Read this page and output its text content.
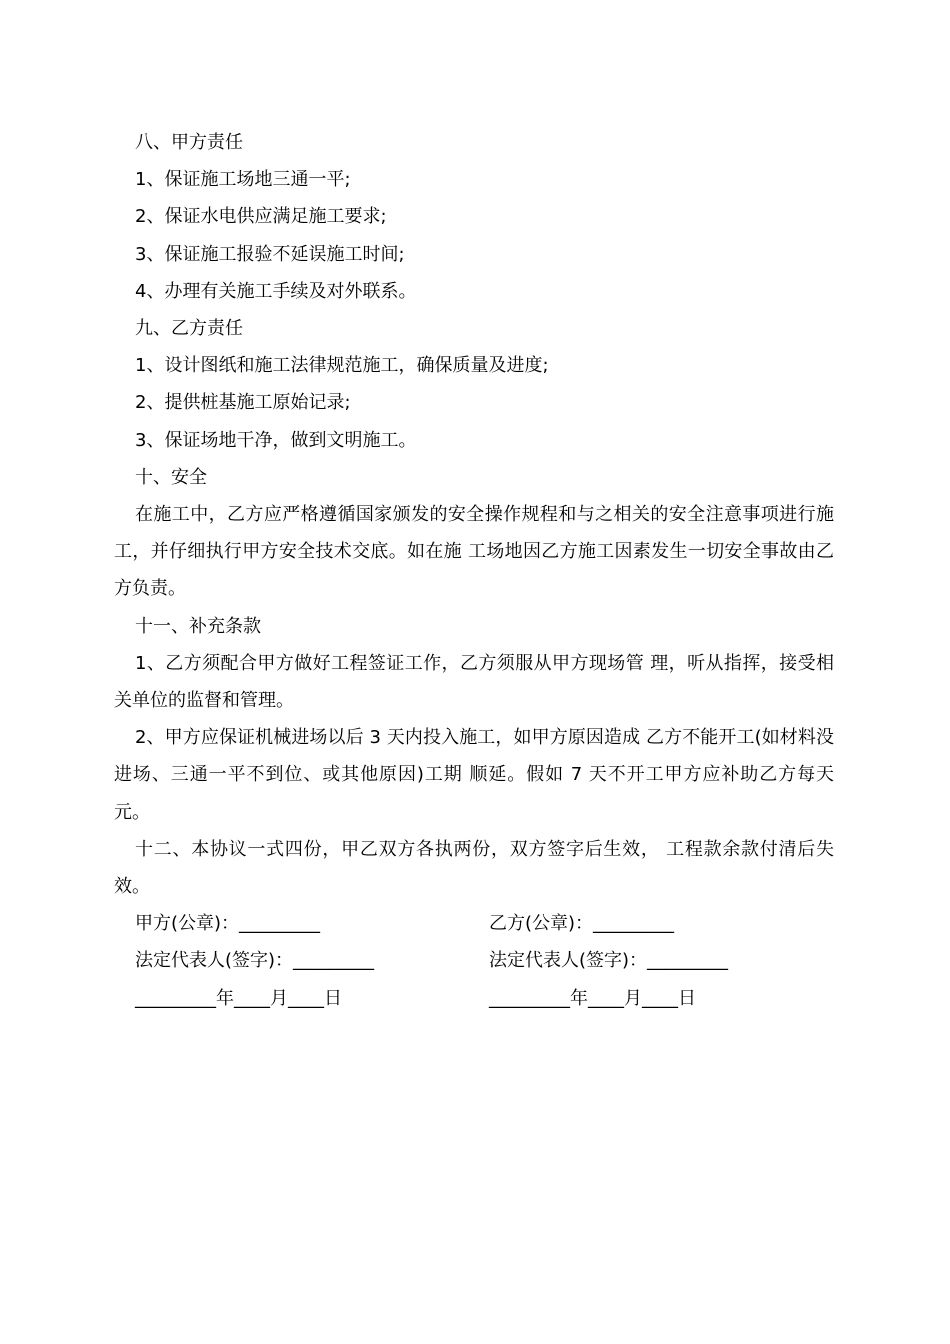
八、甲方责任

1、保证施工场地三通一平;

2、保证水电供应满足施工要求;

3、保证施工报验不延误施工时间;

4、办理有关施工手续及对外联系。

九、乙方责任

1、设计图纸和施工法律规范施工，确保质量及进度;

2、提供桩基施工原始记录;

3、保证场地干净，做到文明施工。

十、安全

在施工中，乙方应严格遵循国家颁发的安全操作规程和与之相关的安全注意事项进行施工，并仔细执行甲方安全技术交底。如在施 工场地因乙方施工因素发生一切安全事故由乙方负责。

十一、补充条款

1、乙方须配合甲方做好工程签证工作，乙方须服从甲方现场管 理，听从指挥，接受相关单位的监督和管理。

2、甲方应保证机械进场以后 3 天内投入施工，如甲方原因造成 乙方不能开工(如材料没进场、三通一平不到位、或其他原因)工期 顺延。假如 7 天不开工甲方应补助乙方每天 元。

十二、本协议一式四份，甲乙双方各执两份，双方签字后生效， 工程款余款付清后失效。

甲方(公章)：_________	乙方(公章)：_________
法定代表人(签字)：_________	法定代表人(签字)：_________
_________年____月____日	_________年____月____日
